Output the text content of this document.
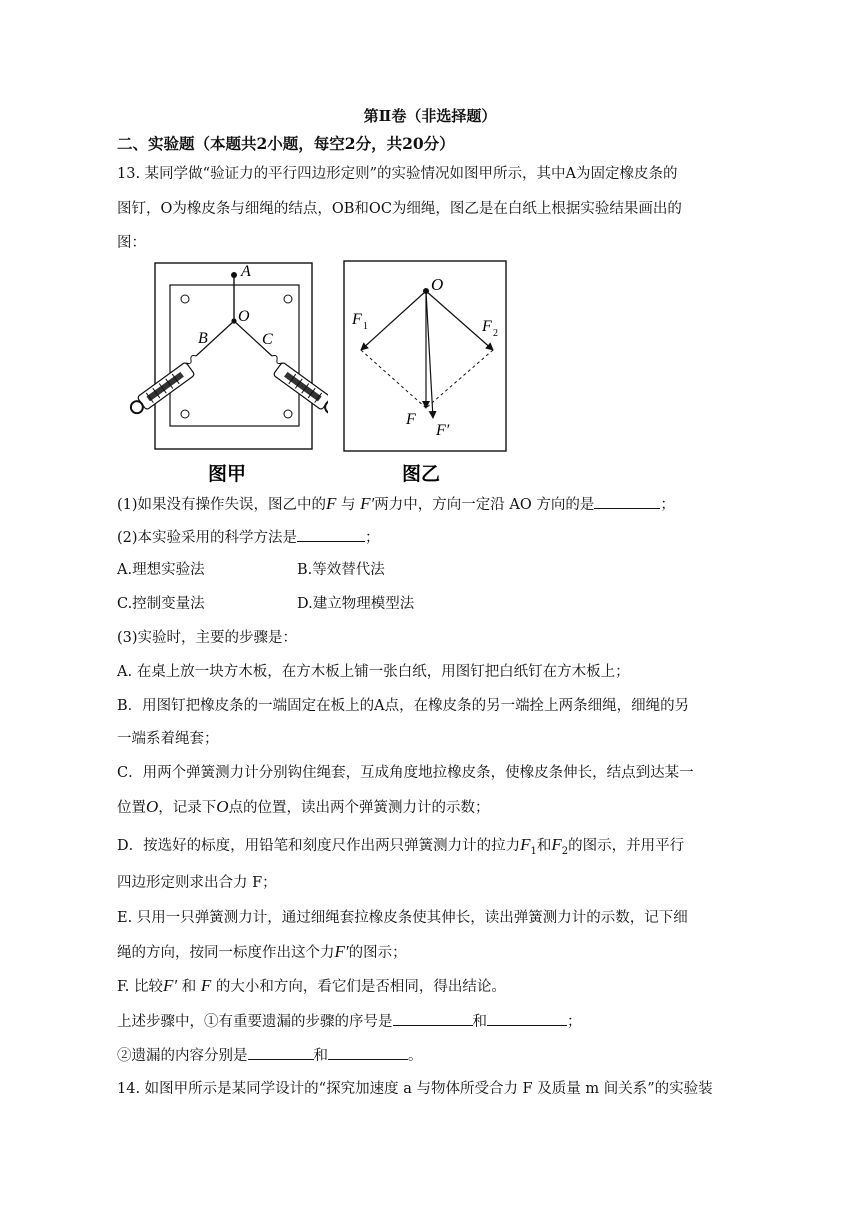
第Ⅱ卷（非选择题）
二、实验题（本题共2小题，每空2分，共20分）
13. 某同学做“验证力的平行四边形定则”的实验情况如图甲所示，其中A为固定橡皮条的
图钉，O为橡皮条与细绳的结点，OB和OC为细绳，图乙是在白纸上根据实验结果画出的
图：
A
O
B	C
图甲
O
F 1	F 2
F
F′
图乙
(1)如果没有操作失误，图乙中的F 与 F′两力中，方向一定沿 AO 方向的是	；
(2)本实验采用的科学方法是	；
A.理想实验法	B.等效替代法
C.控制变量法	D.建立物理模型法
(3)实验时，主要的步骤是：
A. 在桌上放一块方木板，在方木板上铺一张白纸，用图钉把白纸钉在方木板上；
B．用图钉把橡皮条的一端固定在板上的A点，在橡皮条的另一端拴上两条细绳，细绳的另
一端系着绳套；
C．用两个弹簧测力计分别钩住绳套，互成角度地拉橡皮条，使橡皮条伸长，结点到达某一
位置O，记录下O点的位置，读出两个弹簧测力计的示数；
D．按选好的标度，用铅笔和刻度尺作出两只弹簧测力计的拉力$F_1$和$F_2$的图示，并用平行
四边形定则求出合力 F；
E. 只用一只弹簧测力计，通过细绳套拉橡皮条使其伸长，读出弹簧测力计的示数，记下细
绳的方向，按同一标度作出这个力F′的图示；
F. 比较F′ 和 F 的大小和方向，看它们是否相同，得出结论。
上述步骤中，①有重要遗漏的步骤的序号是	和	；
②遗漏的内容分别是	和	。
14. 如图甲所示是某同学设计的“探究加速度 a 与物体所受合力 F 及质量 m 间关系”的实验装
